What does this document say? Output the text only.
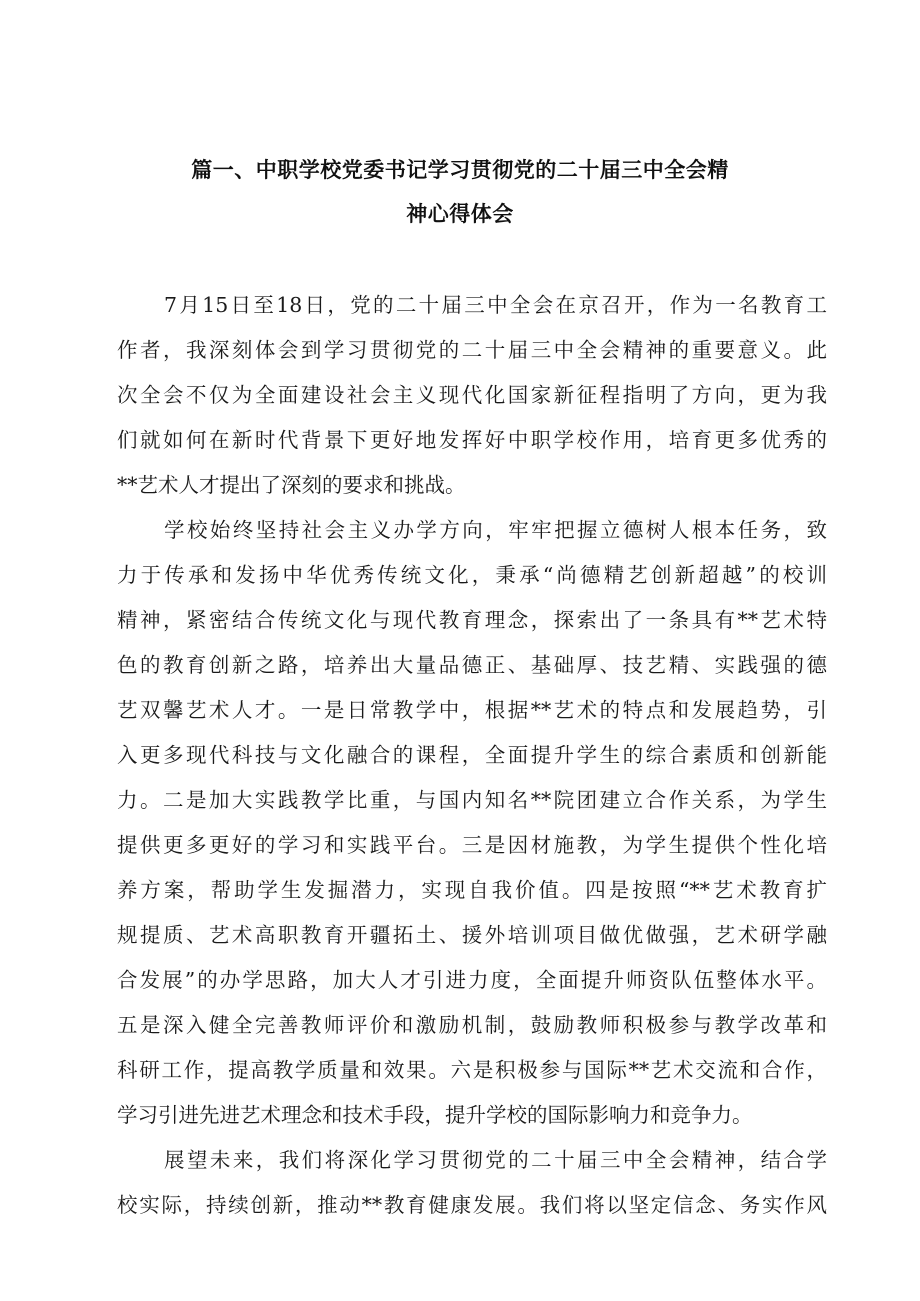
篇一、中职学校党委书记学习贯彻党的二十届三中全会精
神心得体会
7月15日至18日，党的二十届三中全会在京召开，作为一名教育工
作者，我深刻体会到学习贯彻党的二十届三中全会精神的重要意义。此
次全会不仅为全面建设社会主义现代化国家新征程指明了方向，更为我
们就如何在新时代背景下更好地发挥好中职学校作用，培育更多优秀的
**艺术人才提出了深刻的要求和挑战。
学校始终坚持社会主义办学方向，牢牢把握立德树人根本任务，致
力于传承和发扬中华优秀传统文化，秉承“尚德精艺创新超越”的校训
精神，紧密结合传统文化与现代教育理念，探索出了一条具有**艺术特
色的教育创新之路，培养出大量品德正、基础厚、技艺精、实践强的德
艺双馨艺术人才。一是日常教学中，根据**艺术的特点和发展趋势，引
入更多现代科技与文化融合的课程，全面提升学生的综合素质和创新能
力。二是加大实践教学比重，与国内知名**院团建立合作关系，为学生
提供更多更好的学习和实践平台。三是因材施教，为学生提供个性化培
养方案，帮助学生发掘潜力，实现自我价值。四是按照“**艺术教育扩
规提质、艺术高职教育开疆拓土、援外培训项目做优做强，艺术研学融
合发展”的办学思路，加大人才引进力度，全面提升师资队伍整体水平。
五是深入健全完善教师评价和激励机制，鼓励教师积极参与教学改革和
科研工作，提高教学质量和效果。六是积极参与国际**艺术交流和合作，
学习引进先进艺术理念和技术手段，提升学校的国际影响力和竞争力。
展望未来，我们将深化学习贯彻党的二十届三中全会精神，结合学
校实际，持续创新，推动**教育健康发展。我们将以坚定信念、务实作风
